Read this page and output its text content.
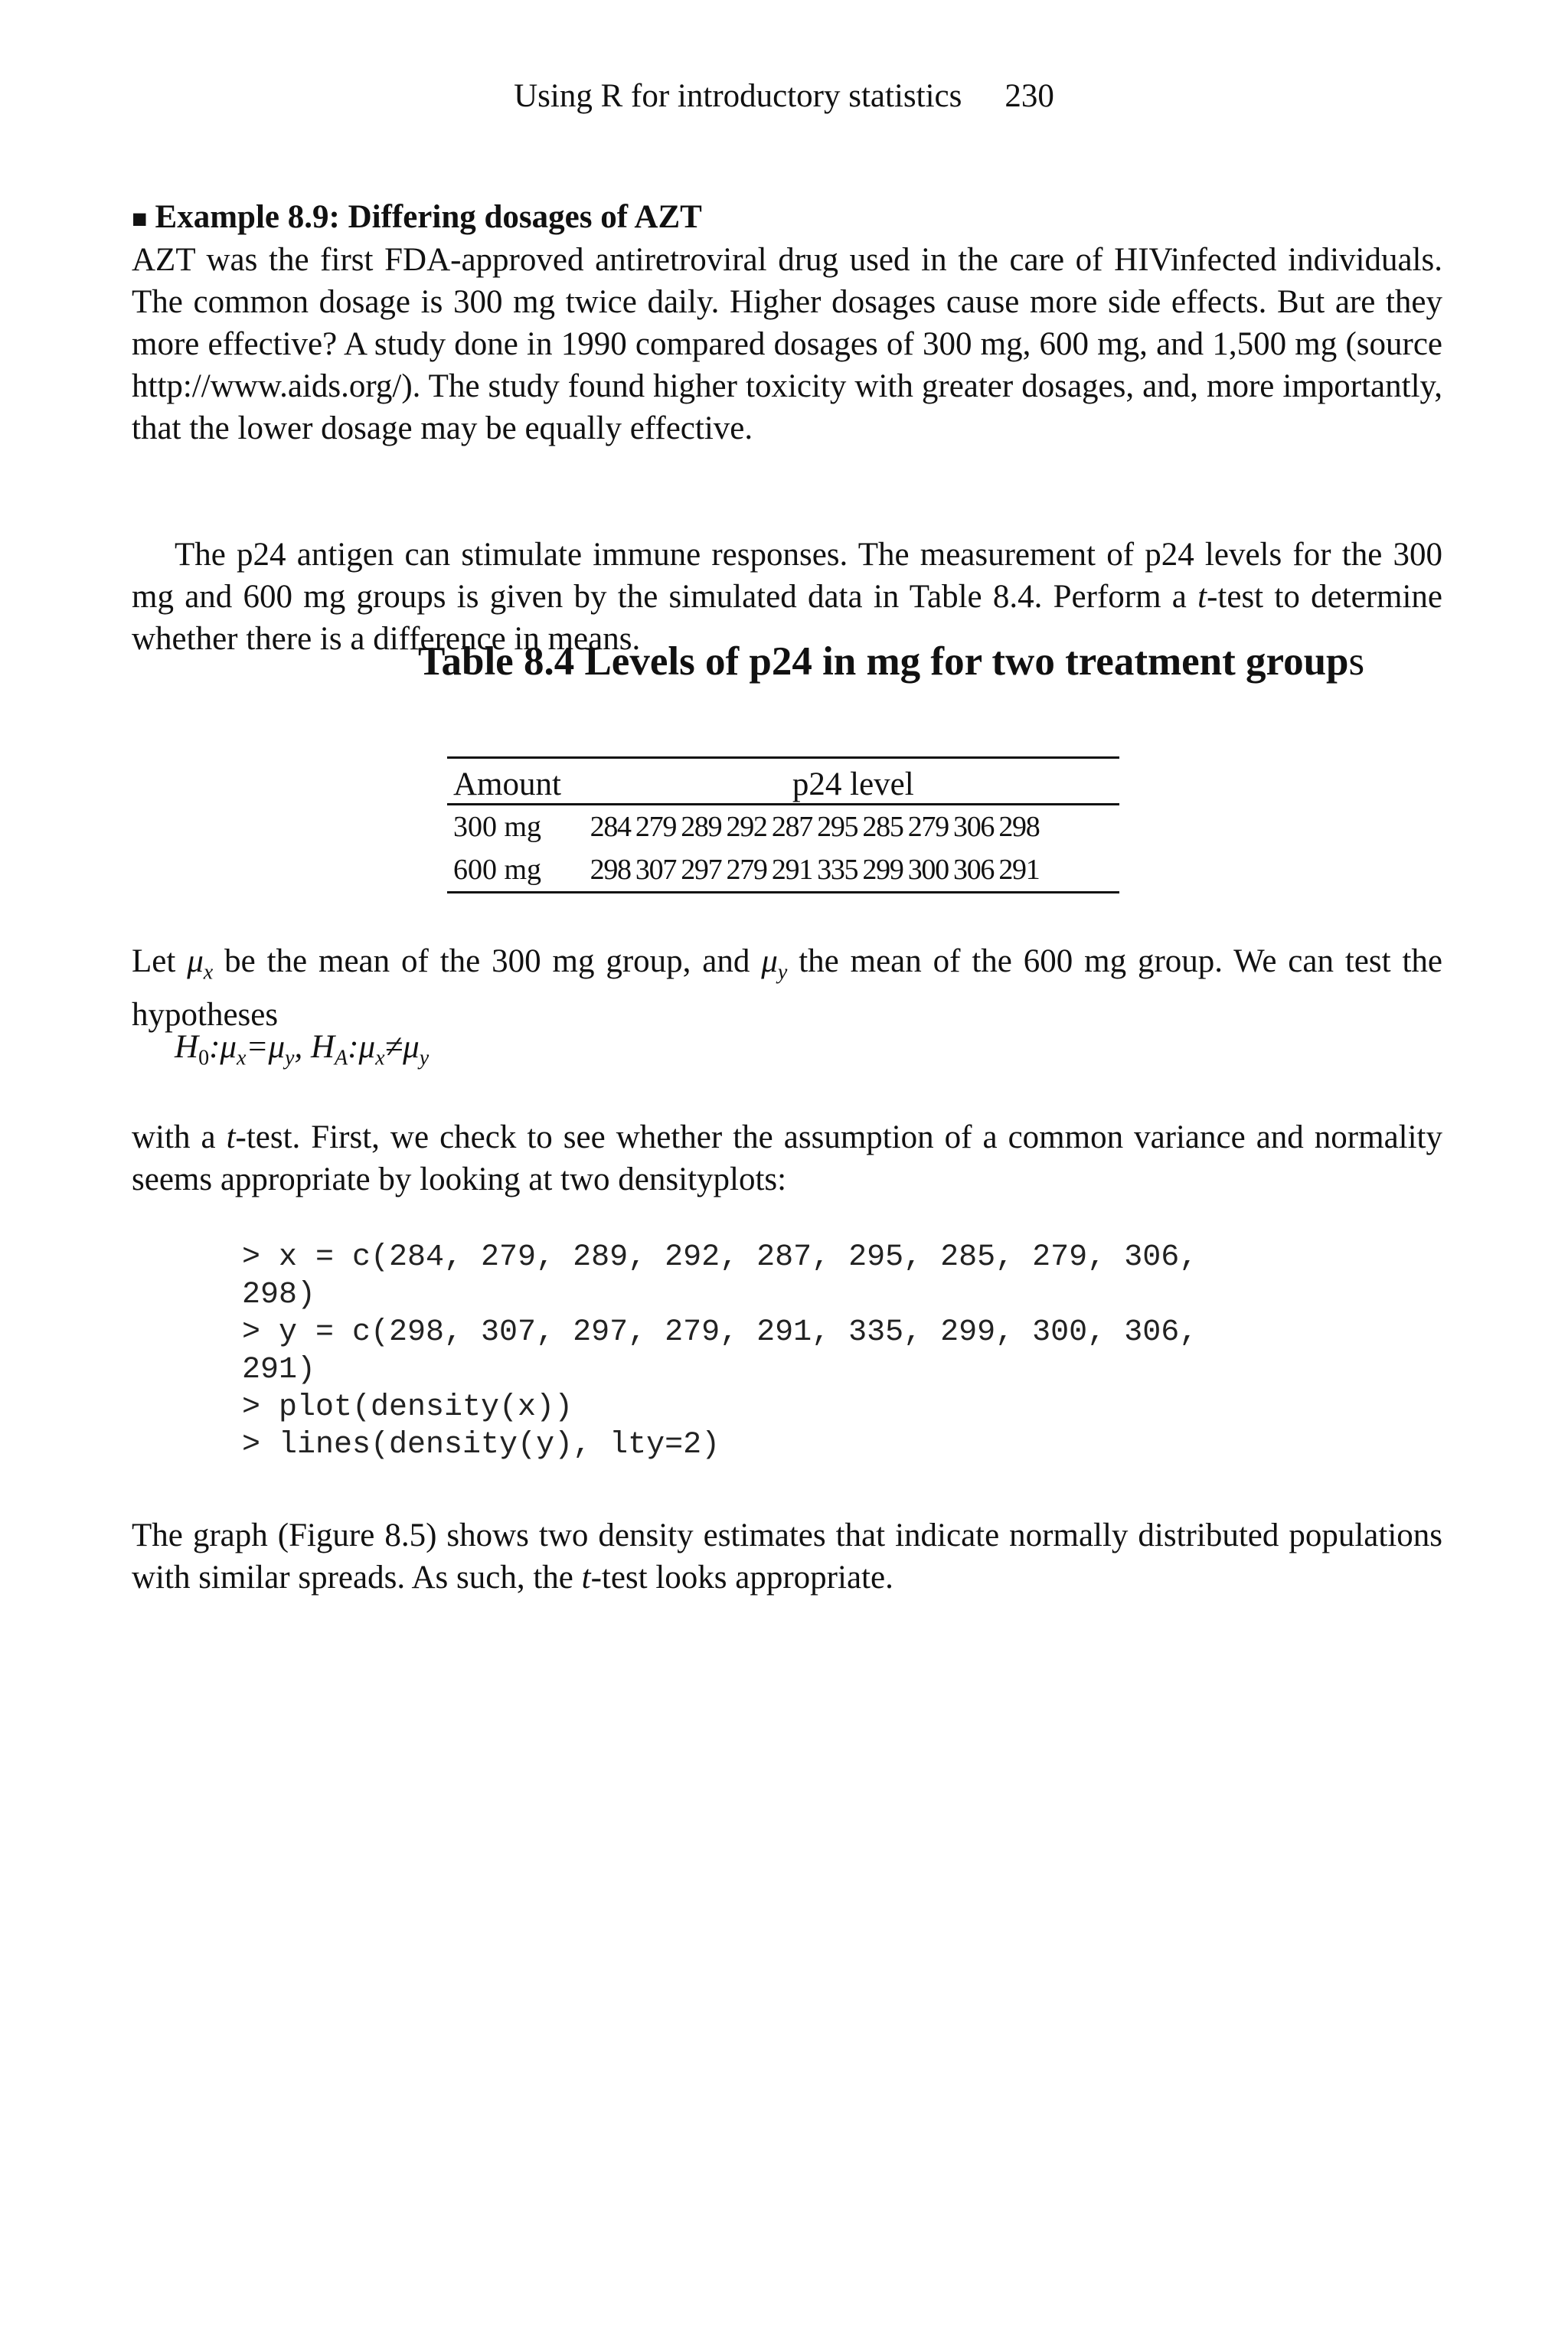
Using R for introductory statistics 230
■ Example 8.9: Differing dosages of AZT

AZT was the first FDA-approved antiretroviral drug used in the care of HIVinfected individuals. The common dosage is 300 mg twice daily. Higher dosages cause more side effects. But are they more effective? A study done in 1990 compared dosages of 300 mg, 600 mg, and 1,500 mg (source http://www.aids.org/). The study found higher toxicity with greater dosages, and, more importantly, that the lower dosage may be equally effective.

The p24 antigen can stimulate immune responses. The measurement of p24 levels for the 300 mg and 600 mg groups is given by the simulated data in Table 8.4. Perform a t-test to determine whether there is a difference in means.

Table 8.4 Levels of p24 in mg for two treatment groups
Amount	p24 level
300 mg	284 279 289 292 287 295 285 279 306 298
600 mg	298 307 297 279 291 335 299 300 306 291

Let $\mu_x$ be the mean of the 300 mg group, and $\mu_y$ the mean of the 600 mg group. We can test the hypotheses

$H_0:\mu_x=\mu_y$, $H_A:\mu_x\ne\mu_y$

with a t-test. First, we check to see whether the assumption of a common variance and normality seems appropriate by looking at two densityplots:

> x = c(284, 279, 289, 292, 287, 295, 285, 279, 306,
298)
> y = c(298, 307, 297, 279, 291, 335, 299, 300, 306,
291)
> plot(density(x))
> lines(density(y), lty=2)

The graph (Figure 8.5) shows two density estimates that indicate normally distributed populations with similar spreads. As such, the t-test looks appropriate.
